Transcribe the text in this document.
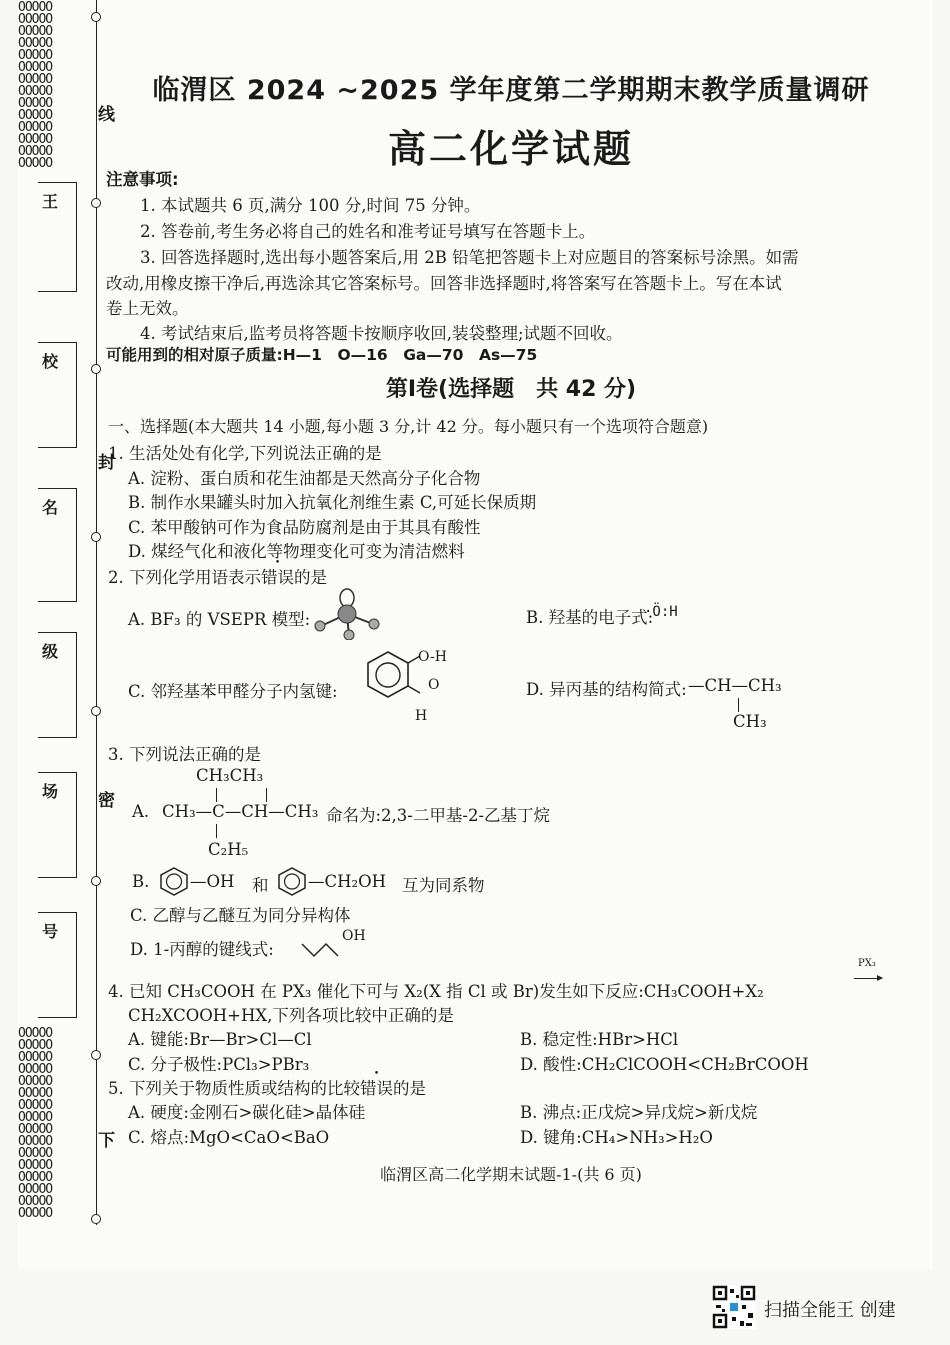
OOOOO
OOOOO
OOOOO
OOOOO
OOOOO
OOOOO
OOOOO
OOOOO
OOOOO
OOOOO
OOOOO
OOOOO
OOOOO
OOOOO
OOOOO
OOOOO
OOOOO
OOOOO
OOOOO
OOOOO
OOOOO
OOOOO
OOOOO
OOOOO
OOOOO
OOOOO
OOOOO
OOOOO
OOOOO
OOOOO
线
封
密
下
王
校
名
级
场
号
临渭区 2024 ~2025 学年度第二学期期末教学质量调研
高二化学试题
注意事项:
1. 本试题共 6 页,满分 100 分,时间 75 分钟。
2. 答卷前,考生务必将自己的姓名和准考证号填写在答题卡上。
3. 回答选择题时,选出每小题答案后,用 2B 铅笔把答题卡上对应题目的答案标号涂黑。如需
改动,用橡皮擦干净后,再选涂其它答案标号。回答非选择题时,将答案写在答题卡上。写在本试
卷上无效。
4. 考试结束后,监考员将答题卡按顺序收回,装袋整理;试题不回收。
可能用到的相对原子质量:H—1　O—16　Ga—70　As—75
第Ⅰ卷(选择题　共 42 分)
一、选择题(本大题共 14 小题,每小题 3 分,计 42 分。每小题只有一个选项符合题意)
1. 生活处处有化学,下列说法正确的是
A. 淀粉、蛋白质和花生油都是天然高分子化合物
B. 制作水果罐头时加入抗氧化剂维生素 C,可延长保质期
C. 苯甲酸钠可作为食品防腐剂是由于其具有酸性
D. 煤经气化和液化等物理变化可变为清洁燃料
2. 下列化学用语表示错误的是
A. BF₃ 的 VSEPR 模型:	B. 羟基的电子式:
·Ö:H
C. 邻羟基苯甲醛分子内氢键:
O-H
O
H
D. 异丙基的结构简式: —CH—CH₃
CH₃
3. 下列说法正确的是
CH₃CH₃
A. CH₃—C—CH—CH₃ 命名为:2,3-二甲基-2-乙基丁烷
C₂H₅
B. —OH 和 —CH₂OH 互为同系物
C. 乙醇与乙醚互为同分异构体
D. 1-丙醇的键线式:
OH
4. 已知 CH₃COOH 在 PX₃ 催化下可与 X₂(X 指 Cl 或 Br)发生如下反应:CH₃COOH+X₂
PX₃
CH₂XCOOH+HX,下列各项比较中正确的是
A. 键能:Br—Br>Cl—Cl	B. 稳定性:HBr>HCl
C. 分子极性:PCl₃>PBr₃	D. 酸性:CH₂ClCOOH<CH₂BrCOOH
5. 下列关于物质性质或结构的比较错误的是
A. 硬度:金刚石>碳化硅>晶体硅	B. 沸点:正戊烷>异戊烷>新戊烷
C. 熔点:MgO<CaO<BaO	D. 键角:CH₄>NH₃>H₂O
临渭区高二化学期末试题-1-(共 6 页)
扫描全能王 创建
